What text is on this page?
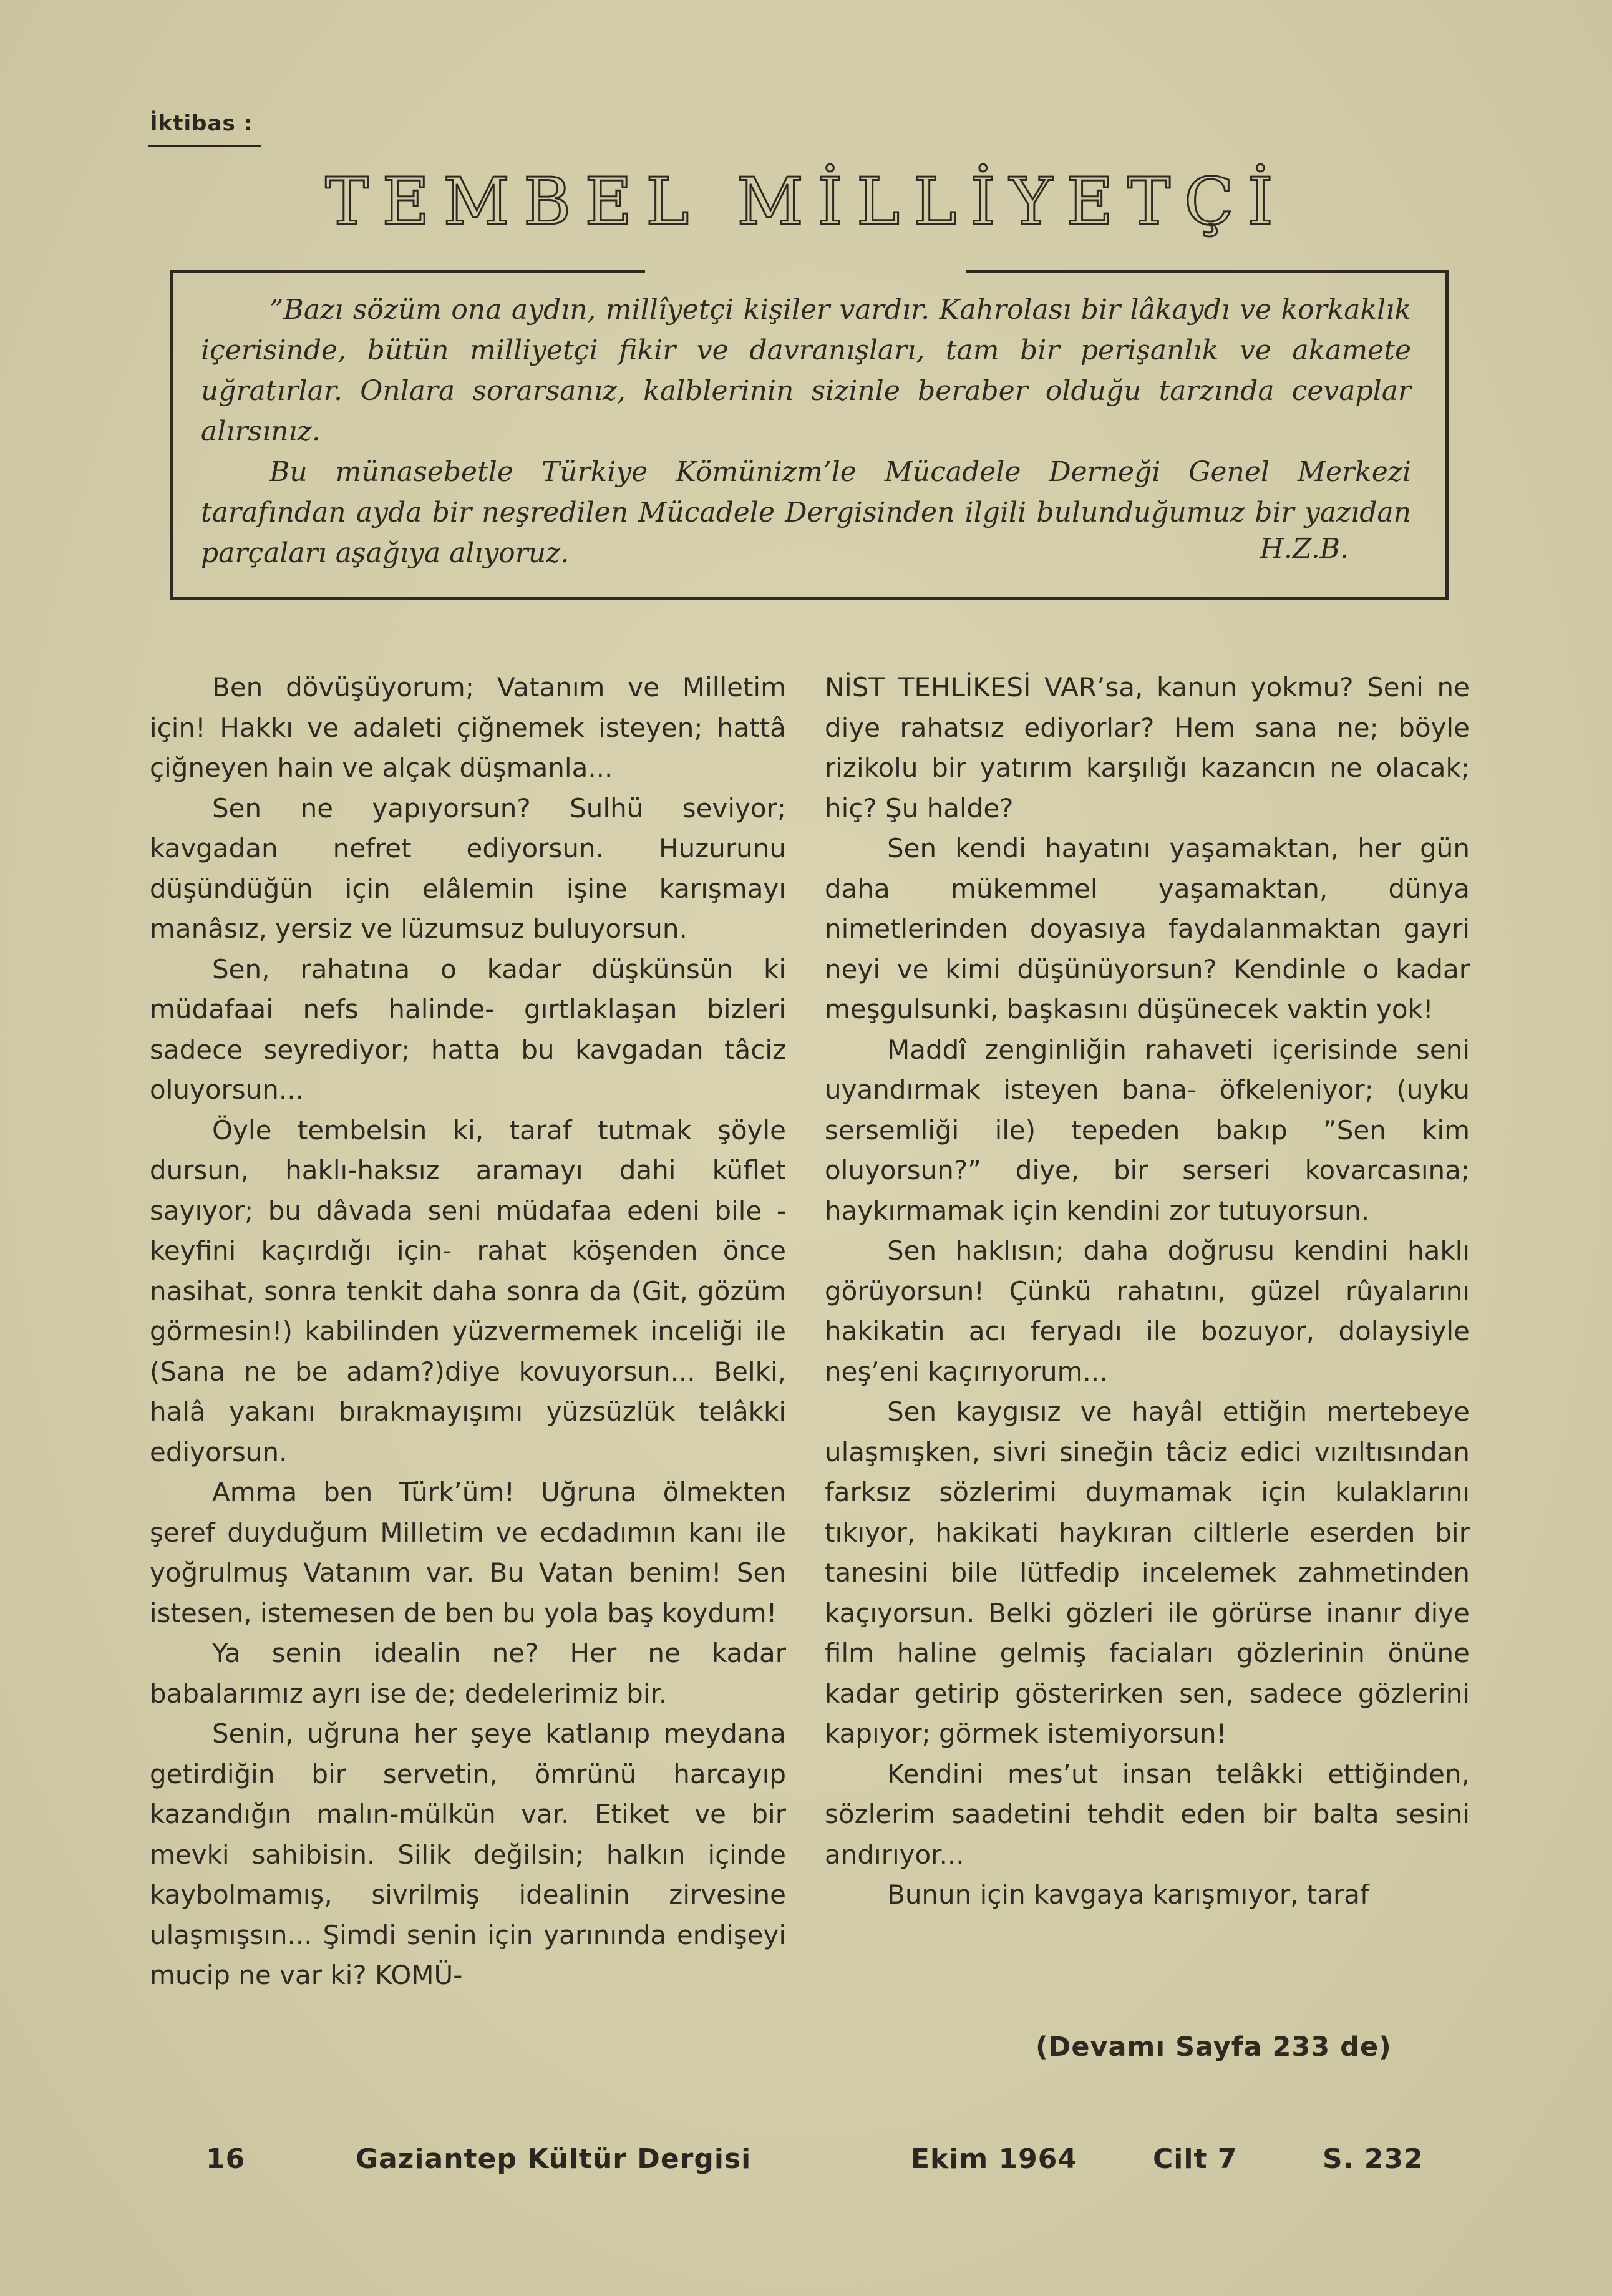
İktibas :
TEMBEL MİLLİYETÇİ

”Bazı sözüm ona aydın, millîyetçi kişiler vardır. Kahrolası bir lâkaydı ve korkaklık içerisinde, bütün milliyetçi fikir ve davranışları, tam bir perişanlık ve akamete uğratırlar. Onlara sorarsanız, kalblerinin sizinle beraber olduğu tarzında cevaplar alırsınız.

Bu münasebetle Türkiye Kömünizm’le Mücadele Derneği Genel Merkezi tarafından ayda bir neşredilen Mücadele Dergisinden ilgili bulunduğumuz bir yazıdan parçaları aşağıya alıyoruz.	H.Z.B.

Ben dövüşüyorum; Vatanım ve Milletim için! Hakkı ve adaleti çiğnemek isteyen; hattâ çiğneyen hain ve alçak düşmanla...

Sen ne yapıyorsun? Sulhü seviyor; kavgadan nefret ediyorsun. Huzurunu düşündüğün için elâlemin işine karışmayı manâsız, yersiz ve lüzumsuz buluyorsun.

Sen, rahatına o kadar düşkünsün ki müdafaai nefs halinde- gırtlaklaşan bizleri sadece seyrediyor; hatta bu kavgadan tâciz oluyorsun...

Öyle tembelsin ki, taraf tutmak şöyle dursun, haklı-haksız aramayı dahi küflet sayıyor; bu dâvada seni müdafaa edeni bile -keyfini kaçırdığı için- rahat köşenden önce nasihat, sonra tenkit daha sonra da (Git, gözüm görmesin!) kabilinden yüzvermemek inceliği ile (Sana ne be adam?)diye kovuyorsun... Belki, halâ yakanı bırakmayışımı yüzsüzlük telâkki ediyorsun.

Amma ben Türk’üm! Uğruna ölmekten şeref duyduğum Milletim ve ecdadımın kanı ile yoğrulmuş Vatanım var. Bu Vatan benim! Sen istesen, istemesen de ben bu yola baş koydum!

Ya senin idealin ne? Her ne kadar babalarımız ayrı ise de; dedelerimiz bir.

Senin, uğruna her şeye katlanıp meydana getirdiğin bir servetin, ömrünü harcayıp kazandığın malın-mülkün var. Etiket ve bir mevki sahibisin. Silik değilsin; halkın içinde kaybolmamış, sivrilmiş idealinin zirvesine ulaşmışsın... Şimdi senin için yarınında endişeyi mucip ne var ki? KOMÜ-

NİST TEHLİKESİ VAR’sa, kanun yokmu? Seni ne diye rahatsız ediyorlar? Hem sana ne; böyle rizikolu bir yatırım karşılığı kazancın ne olacak; hiç? Şu halde?

Sen kendi hayatını yaşamaktan, her gün daha mükemmel yaşamaktan, dünya nimetlerinden doyasıya faydalanmaktan gayri neyi ve kimi düşünüyorsun? Kendinle o kadar meşgulsunki, başkasını düşünecek vaktin yok!

Maddî zenginliğin rahaveti içerisinde seni uyandırmak isteyen bana- öfkeleniyor; (uyku sersemliği ile) tepeden bakıp ”Sen kim oluyorsun?” diye, bir serseri kovarcasına; haykırmamak için kendini zor tutuyorsun.

Sen haklısın; daha doğrusu kendini haklı görüyorsun! Çünkü rahatını, güzel rûyalarını hakikatin acı feryadı ile bozuyor, dolaysiyle neş’eni kaçırıyorum...

Sen kaygısız ve hayâl ettiğin mertebeye ulaşmışken, sivri sineğin tâciz edici vızıltısından farksız sözlerimi duymamak için kulaklarını tıkıyor, hakikati haykıran ciltlerle eserden bir tanesini bile lütfedip incelemek zahmetinden kaçıyorsun. Belki gözleri ile görürse inanır diye film haline gelmiş faciaları gözlerinin önüne kadar getirip gösterirken sen, sadece gözlerini kapıyor; görmek istemiyorsun!

Kendini mes’ut insan telâkki ettiğinden, sözlerim saadetini tehdit eden bir balta sesini andırıyor...

Bunun için kavgaya karışmıyor, taraf

(Devamı Sayfa 233 de)
16	Gaziantep Kültür Dergisi	Ekim 1964	Cilt 7	S. 232
